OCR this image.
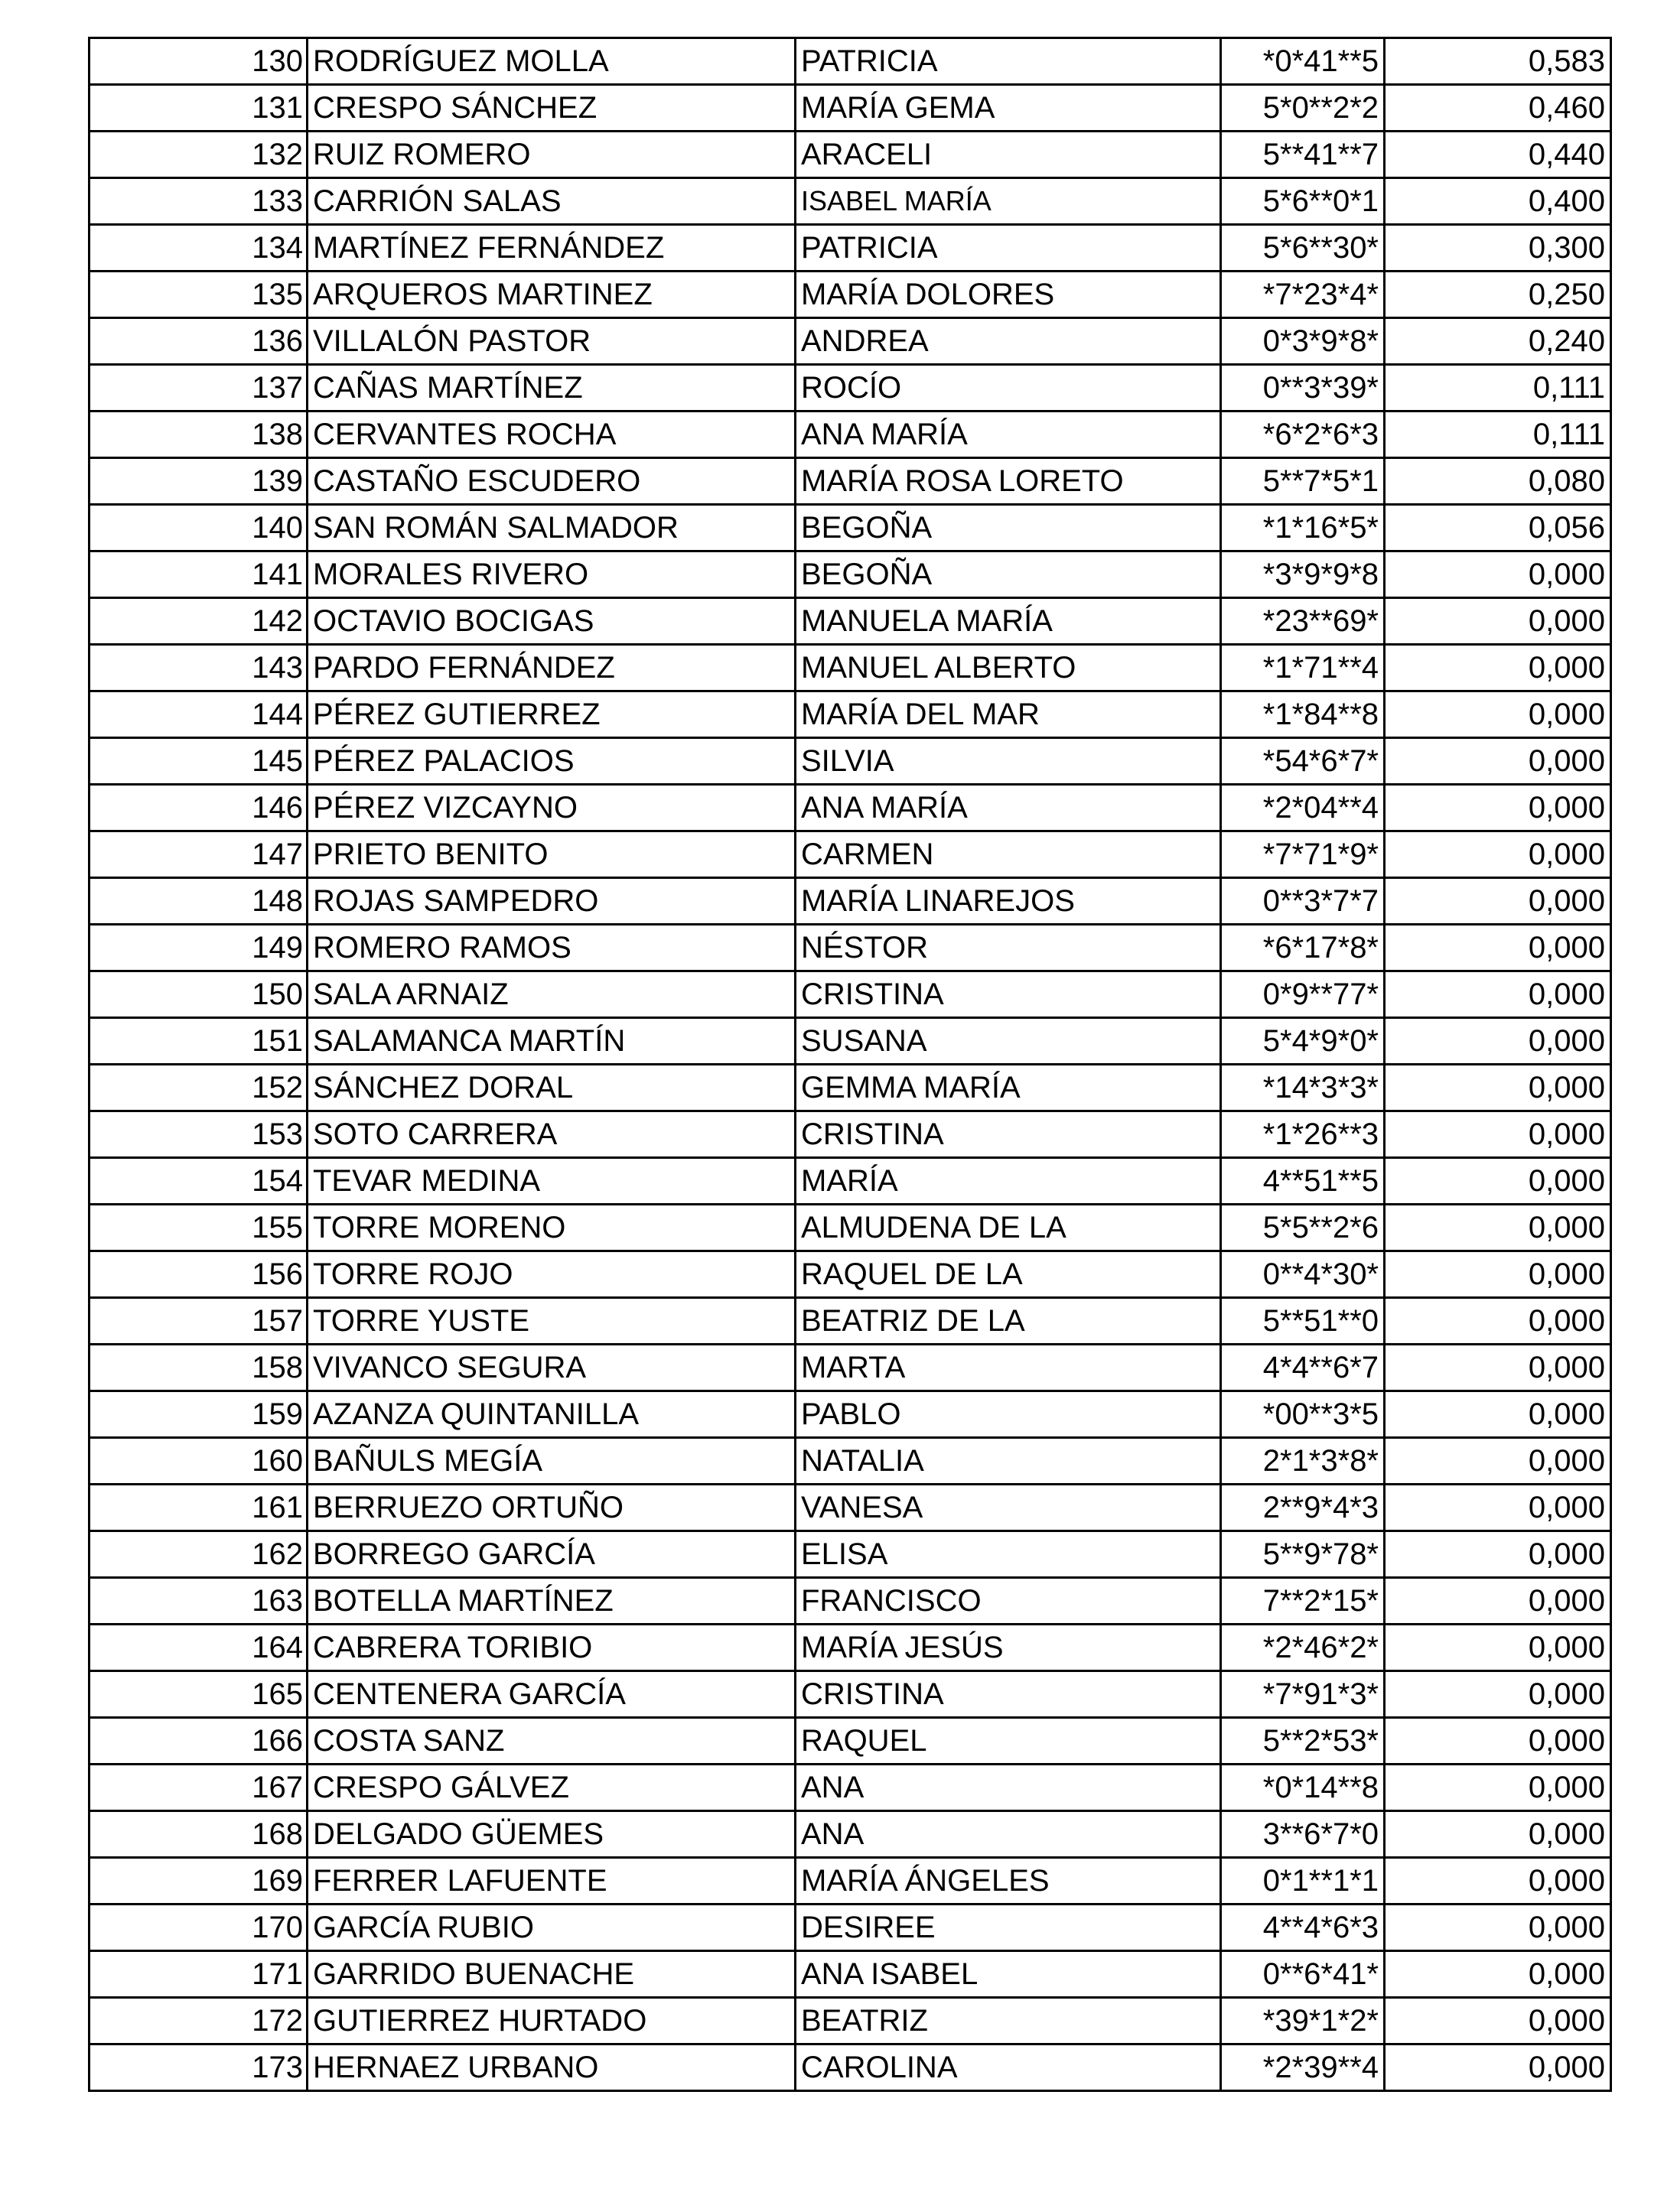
130	RODRÍGUEZ MOLLA	PATRICIA	*0*41**5	0,583
131	CRESPO SÁNCHEZ	MARÍA GEMA	5*0**2*2	0,460
132	RUIZ ROMERO	ARACELI	5**41**7	0,440
133	CARRIÓN SALAS	ISABEL MARÍA	5*6**0*1	0,400
134	MARTÍNEZ FERNÁNDEZ	PATRICIA	5*6**30*	0,300
135	ARQUEROS MARTINEZ	MARÍA DOLORES	*7*23*4*	0,250
136	VILLALÓN PASTOR	ANDREA	0*3*9*8*	0,240
137	CAÑAS MARTÍNEZ	ROCÍO	0**3*39*	0,111
138	CERVANTES ROCHA	ANA MARÍA	*6*2*6*3	0,111
139	CASTAÑO ESCUDERO	MARÍA ROSA LORETO	5**7*5*1	0,080
140	SAN ROMÁN SALMADOR	BEGOÑA	*1*16*5*	0,056
141	MORALES RIVERO	BEGOÑA	*3*9*9*8	0,000
142	OCTAVIO BOCIGAS	MANUELA MARÍA	*23**69*	0,000
143	PARDO FERNÁNDEZ	MANUEL ALBERTO	*1*71**4	0,000
144	PÉREZ GUTIERREZ	MARÍA DEL MAR	*1*84**8	0,000
145	PÉREZ PALACIOS	SILVIA	*54*6*7*	0,000
146	PÉREZ VIZCAYNO	ANA MARÍA	*2*04**4	0,000
147	PRIETO BENITO	CARMEN	*7*71*9*	0,000
148	ROJAS SAMPEDRO	MARÍA LINAREJOS	0**3*7*7	0,000
149	ROMERO RAMOS	NÉSTOR	*6*17*8*	0,000
150	SALA ARNAIZ	CRISTINA	0*9**77*	0,000
151	SALAMANCA MARTÍN	SUSANA	5*4*9*0*	0,000
152	SÁNCHEZ DORAL	GEMMA MARÍA	*14*3*3*	0,000
153	SOTO CARRERA	CRISTINA	*1*26**3	0,000
154	TEVAR MEDINA	MARÍA	4**51**5	0,000
155	TORRE MORENO	ALMUDENA DE LA	5*5**2*6	0,000
156	TORRE ROJO	RAQUEL DE LA	0**4*30*	0,000
157	TORRE YUSTE	BEATRIZ DE LA	5**51**0	0,000
158	VIVANCO SEGURA	MARTA	4*4**6*7	0,000
159	AZANZA QUINTANILLA	PABLO	*00**3*5	0,000
160	BAÑULS MEGÍA	NATALIA	2*1*3*8*	0,000
161	BERRUEZO ORTUÑO	VANESA	2**9*4*3	0,000
162	BORREGO GARCÍA	ELISA	5**9*78*	0,000
163	BOTELLA MARTÍNEZ	FRANCISCO	7**2*15*	0,000
164	CABRERA TORIBIO	MARÍA JESÚS	*2*46*2*	0,000
165	CENTENERA GARCÍA	CRISTINA	*7*91*3*	0,000
166	COSTA SANZ	RAQUEL	5**2*53*	0,000
167	CRESPO GÁLVEZ	ANA	*0*14**8	0,000
168	DELGADO GÜEMES	ANA	3**6*7*0	0,000
169	FERRER LAFUENTE	MARÍA ÁNGELES	0*1**1*1	0,000
170	GARCÍA RUBIO	DESIREE	4**4*6*3	0,000
171	GARRIDO BUENACHE	ANA ISABEL	0**6*41*	0,000
172	GUTIERREZ HURTADO	BEATRIZ	*39*1*2*	0,000
173	HERNAEZ URBANO	CAROLINA	*2*39**4	0,000
